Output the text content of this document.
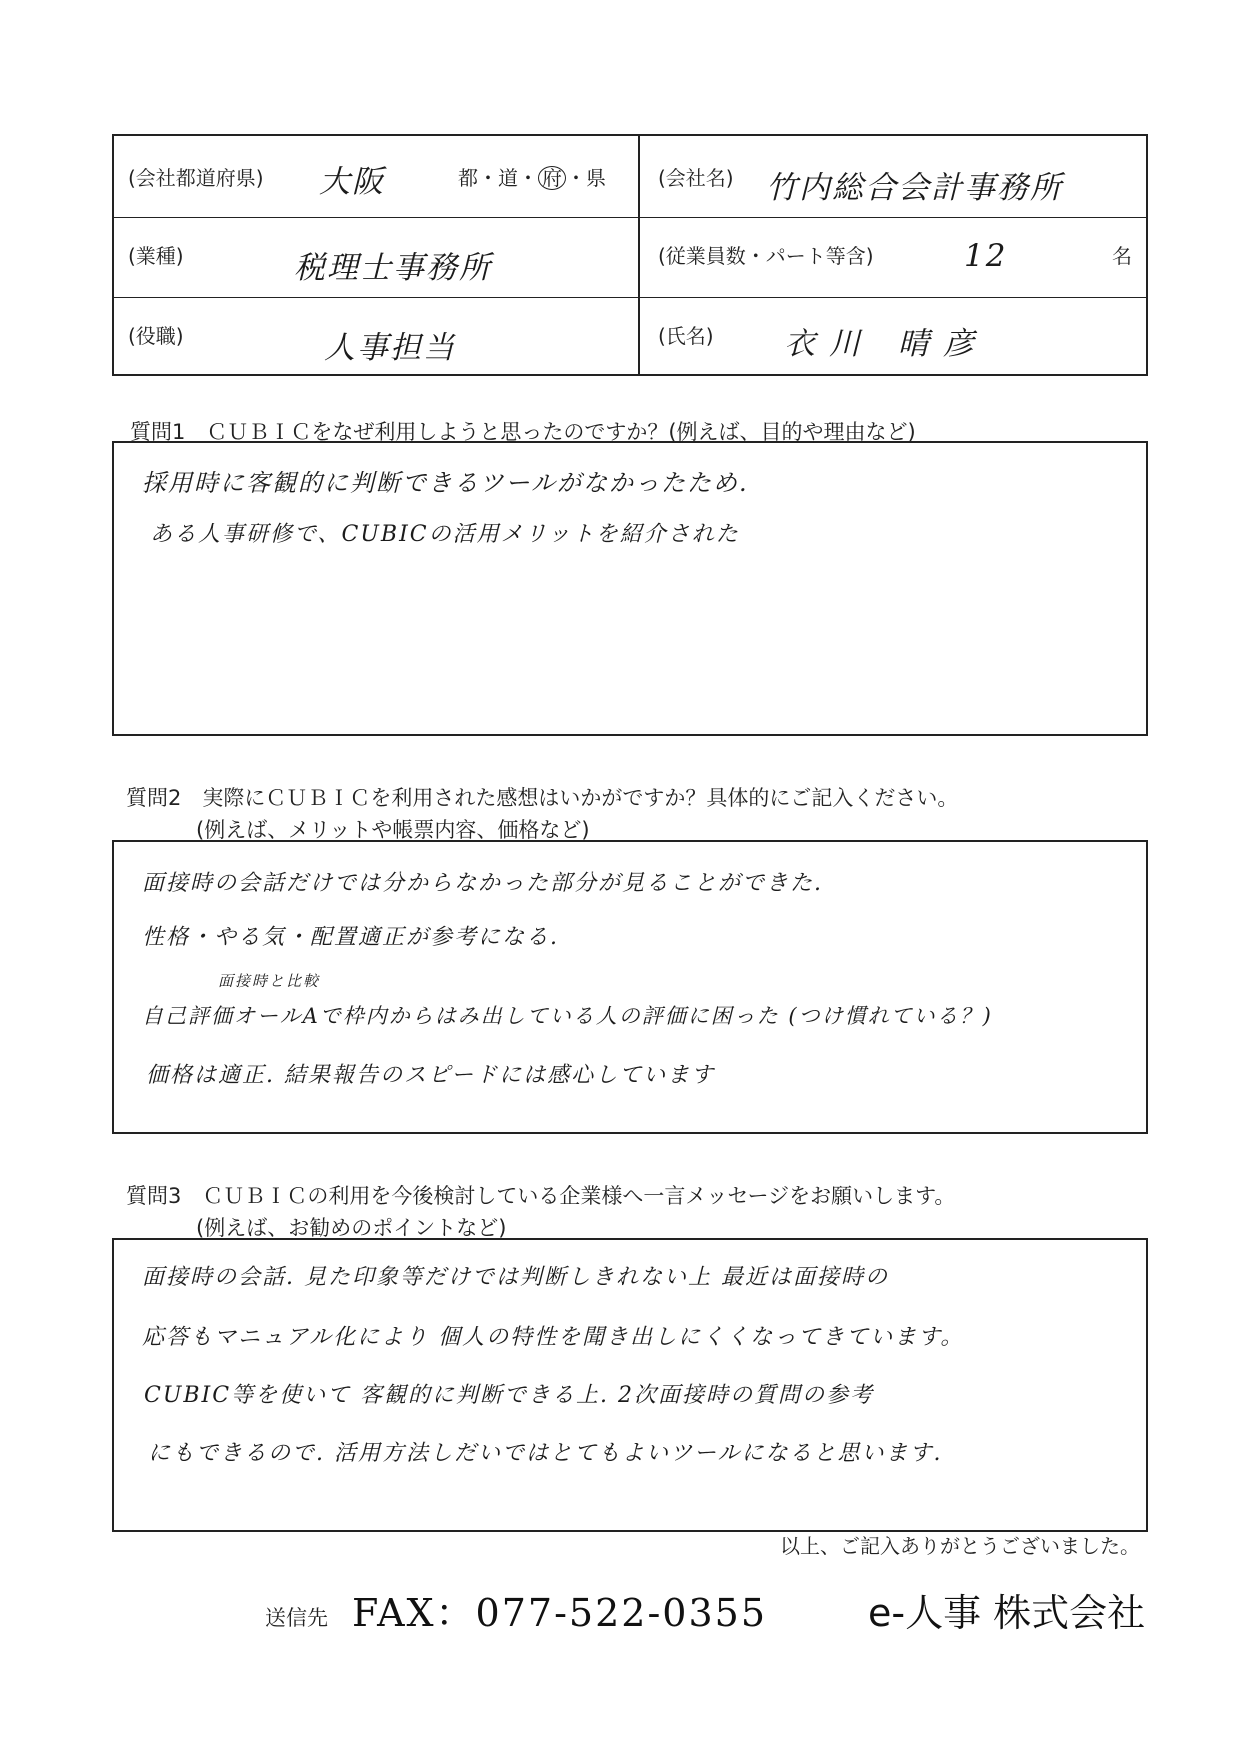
(会社都道府県) 大阪	都・道・ 府 ・県	(会社名) 竹内総合会計事務所
(業種)	税理士事務所	(従業員数・パート等含)	12	名
(役職)	人事担当	(氏名) 衣川 晴彦
質問1　ＣＵＢＩＣをなぜ利用しようと思ったのですか？(例えば、目的や理由など)
採用時に客観的に判断できるツールがなかったため.
ある人事研修で、CUBICの活用メリットを紹介された
質問2　実際にＣＵＢＩＣを利用された感想はいかがですか？具体的にご記入ください。
(例えば、メリットや帳票内容、価格など)
面接時の会話だけでは分からなかった部分が見ることができた.
性格・やる気・配置適正が参考になる.
面接時と比較
自己評価オールAで枠内からはみ出している人の評価に困った (つけ慣れている？)
価格は適正. 結果報告のスピードには感心しています
質問3　ＣＵＢＩＣの利用を今後検討している企業様へ一言メッセージをお願いします。
(例えば、お勧めのポイントなど)
面接時の会話. 見た印象等だけでは判断しきれない上 最近は面接時の
応答もマニュアル化により 個人の特性を聞き出しにくくなってきています。
CUBIC等を使いて 客観的に判断できる上. 2次面接時の質問の参考
にもできるので. 活用方法しだいではとてもよいツールになると思います.
以上、ご記入ありがとうございました。
送信先 FAX：077-522-0355	e-人事 株式会社
